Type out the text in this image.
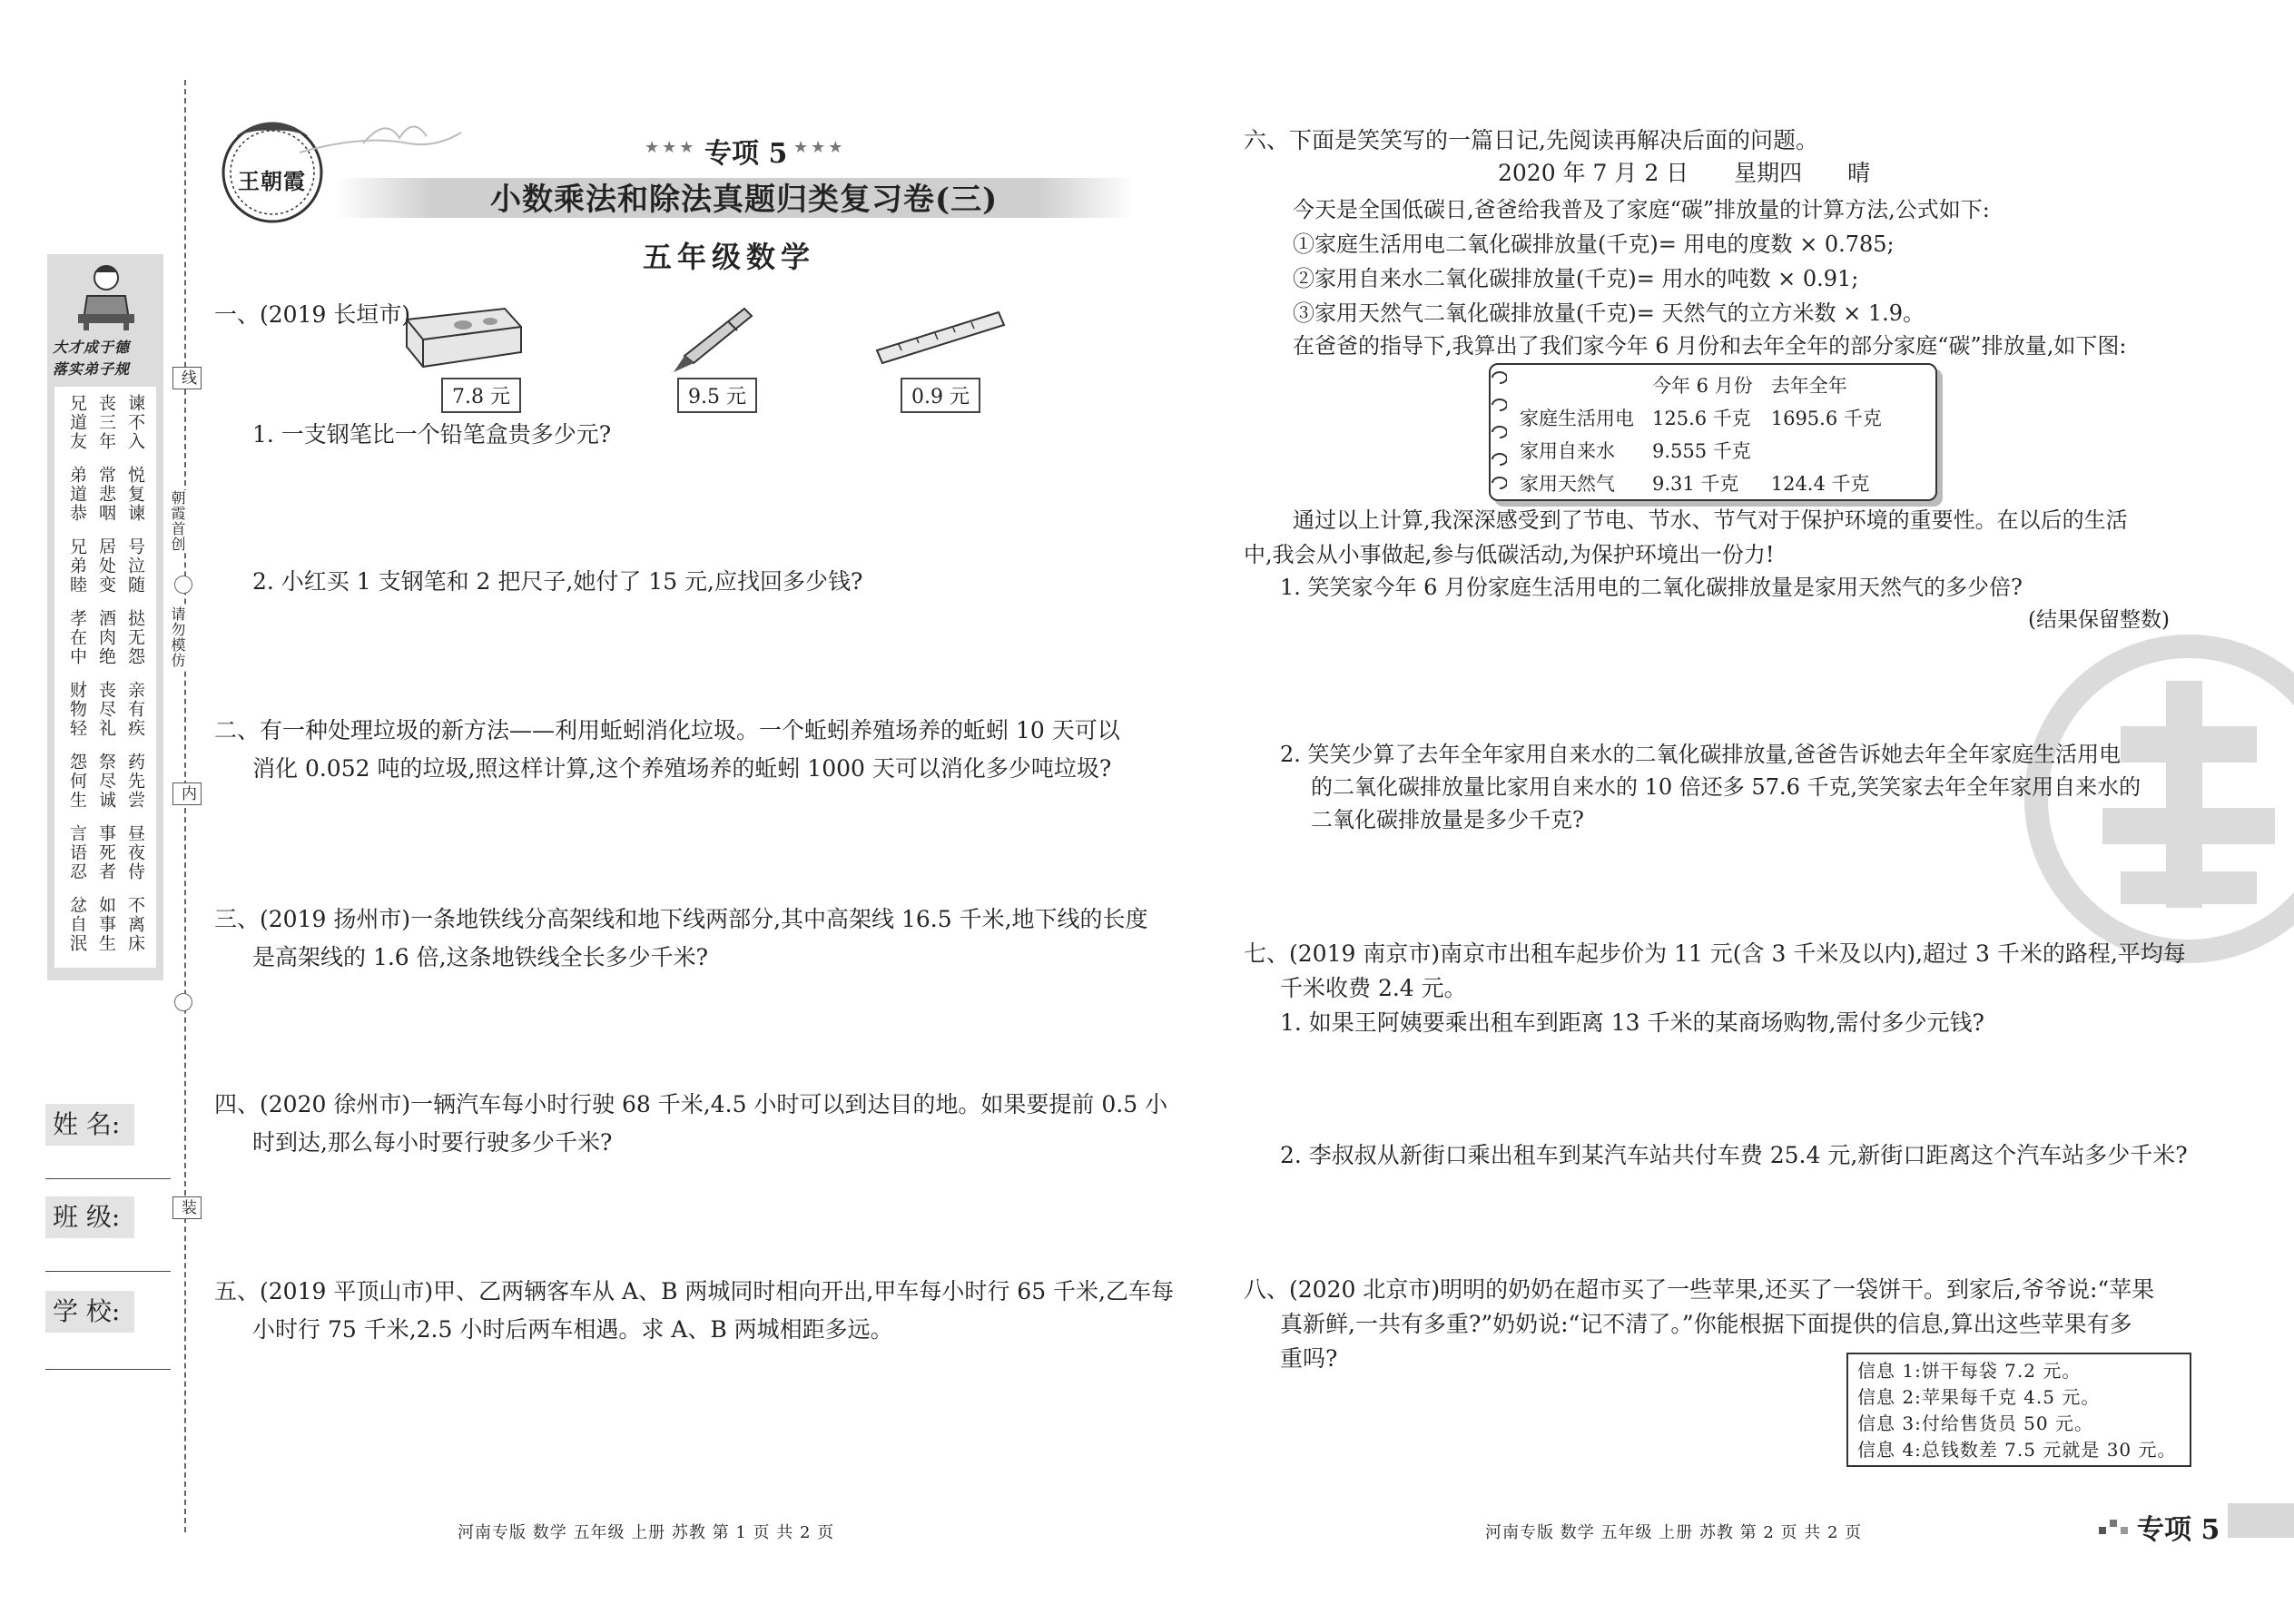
线
朝霞首创
请勿模仿
内
装
大才成于德
落实弟子规
兄道友 丧三年 谏不入
弟道恭 常悲咽 悦复谏
兄弟睦 居处变 号泣随
孝在中 酒肉绝 挞无怨
财物轻 丧尽礼 亲有疾
怨何生 祭尽诚 药先尝
言语忍 事死者 昼夜侍
忿自泯 如事生 不离床
姓 名:
班 级:
学 校:
王朝霞
★★★ 专项 5 ★★★
小数乘法和除法真题归类复习卷(三)
五年级数学
一、(2019 长垣市)
7.8 元	9.5 元	0.9 元
1. 一支钢笔比一个铅笔盒贵多少元?
2. 小红买 1 支钢笔和 2 把尺子,她付了 15 元,应找回多少钱?
二、有一种处理垃圾的新方法——利用蚯蚓消化垃圾。一个蚯蚓养殖场养的蚯蚓 10 天可以
消化 0.052 吨的垃圾,照这样计算,这个养殖场养的蚯蚓 1000 天可以消化多少吨垃圾?
三、(2019 扬州市)一条地铁线分高架线和地下线两部分,其中高架线 16.5 千米,地下线的长度
是高架线的 1.6 倍,这条地铁线全长多少千米?
四、(2020 徐州市)一辆汽车每小时行驶 68 千米,4.5 小时可以到达目的地。如果要提前 0.5 小
时到达,那么每小时要行驶多少千米?
五、(2019 平顶山市)甲、乙两辆客车从 A、B 两城同时相向开出,甲车每小时行 65 千米,乙车每
小时行 75 千米,2.5 小时后两车相遇。求 A、B 两城相距多远。
河南专版 数学 五年级 上册 苏教 第 1 页 共 2 页
六、下面是笑笑写的一篇日记,先阅读再解决后面的问题。
2020 年 7 月 2 日　　星期四　　晴
今天是全国低碳日,爸爸给我普及了家庭“碳”排放量的计算方法,公式如下:
①家庭生活用电二氧化碳排放量(千克)= 用电的度数 × 0.785;
②家用自来水二氧化碳排放量(千克)= 用水的吨数 × 0.91;
③家用天然气二氧化碳排放量(千克)= 天然气的立方米数 × 1.9。
在爸爸的指导下,我算出了我们家今年 6 月份和去年全年的部分家庭“碳”排放量,如下图:
	今年 6 月份	去年全年
家庭生活用电	125.6 千克	1695.6 千克
家用自来水	9.555 千克	
家用天然气	9.31 千克	124.4 千克
通过以上计算,我深深感受到了节电、节水、节气对于保护环境的重要性。在以后的生活
中,我会从小事做起,参与低碳活动,为保护环境出一份力!
1. 笑笑家今年 6 月份家庭生活用电的二氧化碳排放量是家用天然气的多少倍?
(结果保留整数)
2. 笑笑少算了去年全年家用自来水的二氧化碳排放量,爸爸告诉她去年全年家庭生活用电
的二氧化碳排放量比家用自来水的 10 倍还多 57.6 千克,笑笑家去年全年家用自来水的
二氧化碳排放量是多少千克?
七、(2019 南京市)南京市出租车起步价为 11 元(含 3 千米及以内),超过 3 千米的路程,平均每
千米收费 2.4 元。
1. 如果王阿姨要乘出租车到距离 13 千米的某商场购物,需付多少元钱?
2. 李叔叔从新街口乘出租车到某汽车站共付车费 25.4 元,新街口距离这个汽车站多少千米?
八、(2020 北京市)明明的奶奶在超市买了一些苹果,还买了一袋饼干。到家后,爷爷说:“苹果
真新鲜,一共有多重?”奶奶说:“记不清了。”你能根据下面提供的信息,算出这些苹果有多
重吗?	信息 1:饼干每袋 7.2 元。
信息 2:苹果每千克 4.5 元。
信息 3:付给售货员 50 元。
信息 4:总钱数差 7.5 元就是 30 元。
河南专版 数学 五年级 上册 苏教 第 2 页 共 2 页	专项 5
